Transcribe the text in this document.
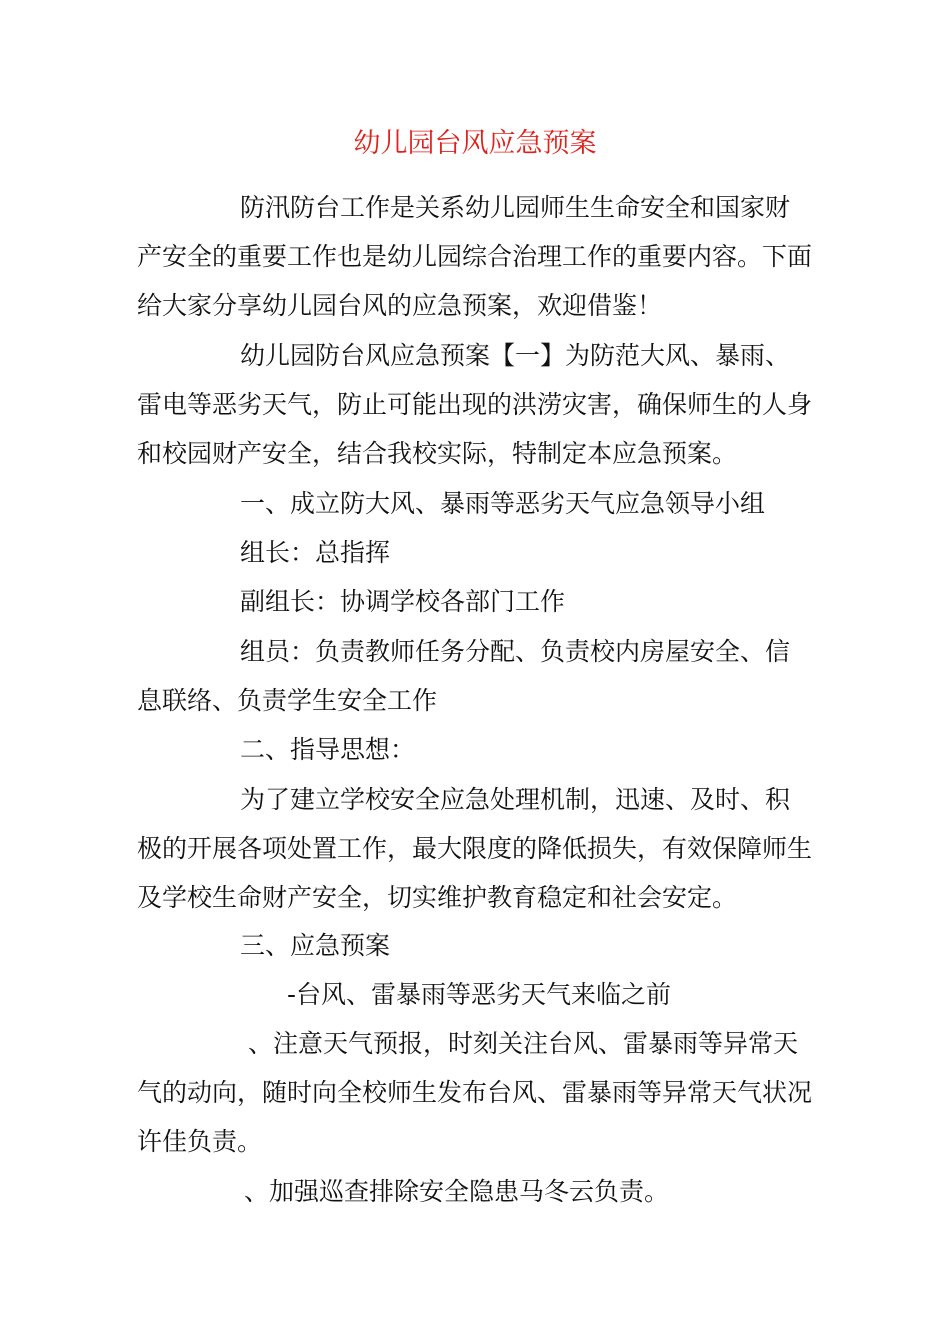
幼儿园台风应急预案
防汛防台工作是关系幼儿园师生生命安全和国家财
产安全的重要工作也是幼儿园综合治理工作的重要内容。下面
给大家分享幼儿园台风的应急预案，欢迎借鉴！
幼儿园防台风应急预案【一】为防范大风、暴雨、
雷电等恶劣天气，防止可能出现的洪涝灾害，确保师生的人身
和校园财产安全，结合我校实际，特制定本应急预案。
一、成立防大风、暴雨等恶劣天气应急领导小组
组长：总指挥
副组长：协调学校各部门工作
组员：负责教师任务分配、负责校内房屋安全、信
息联络、负责学生安全工作
二、指导思想：
为了建立学校安全应急处理机制，迅速、及时、积
极的开展各项处置工作，最大限度的降低损失，有效保障师生
及学校生命财产安全，切实维护教育稳定和社会安定。
三、应急预案
-台风、雷暴雨等恶劣天气来临之前
、注意天气预报，时刻关注台风、雷暴雨等异常天
气的动向，随时向全校师生发布台风、雷暴雨等异常天气状况
许佳负责。
、加强巡查排除安全隐患马冬云负责。
